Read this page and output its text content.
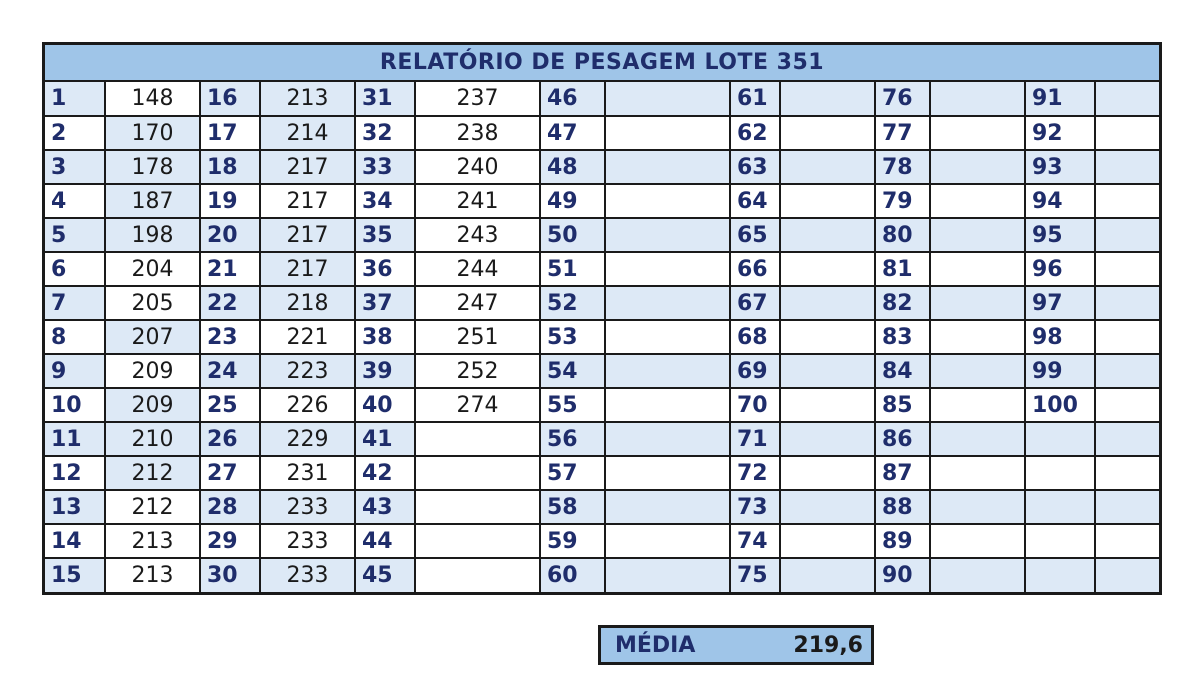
RELATÓRIO DE PESAGEM LOTE 351
1	148	16	213	31	237	46		61		76		91	
2	170	17	214	32	238	47		62		77		92	
3	178	18	217	33	240	48		63		78		93	
4	187	19	217	34	241	49		64		79		94	
5	198	20	217	35	243	50		65		80		95	
6	204	21	217	36	244	51		66		81		96	
7	205	22	218	37	247	52		67		82		97	
8	207	23	221	38	251	53		68		83		98	
9	209	24	223	39	252	54		69		84		99	
10	209	25	226	40	274	55		70		85		100	
11	210	26	229	41		56		71		86			
12	212	27	231	42		57		72		87			
13	212	28	233	43		58		73		88			
14	213	29	233	44		59		74		89			
15	213	30	233	45		60		75		90			
MÉDIA	219,6
